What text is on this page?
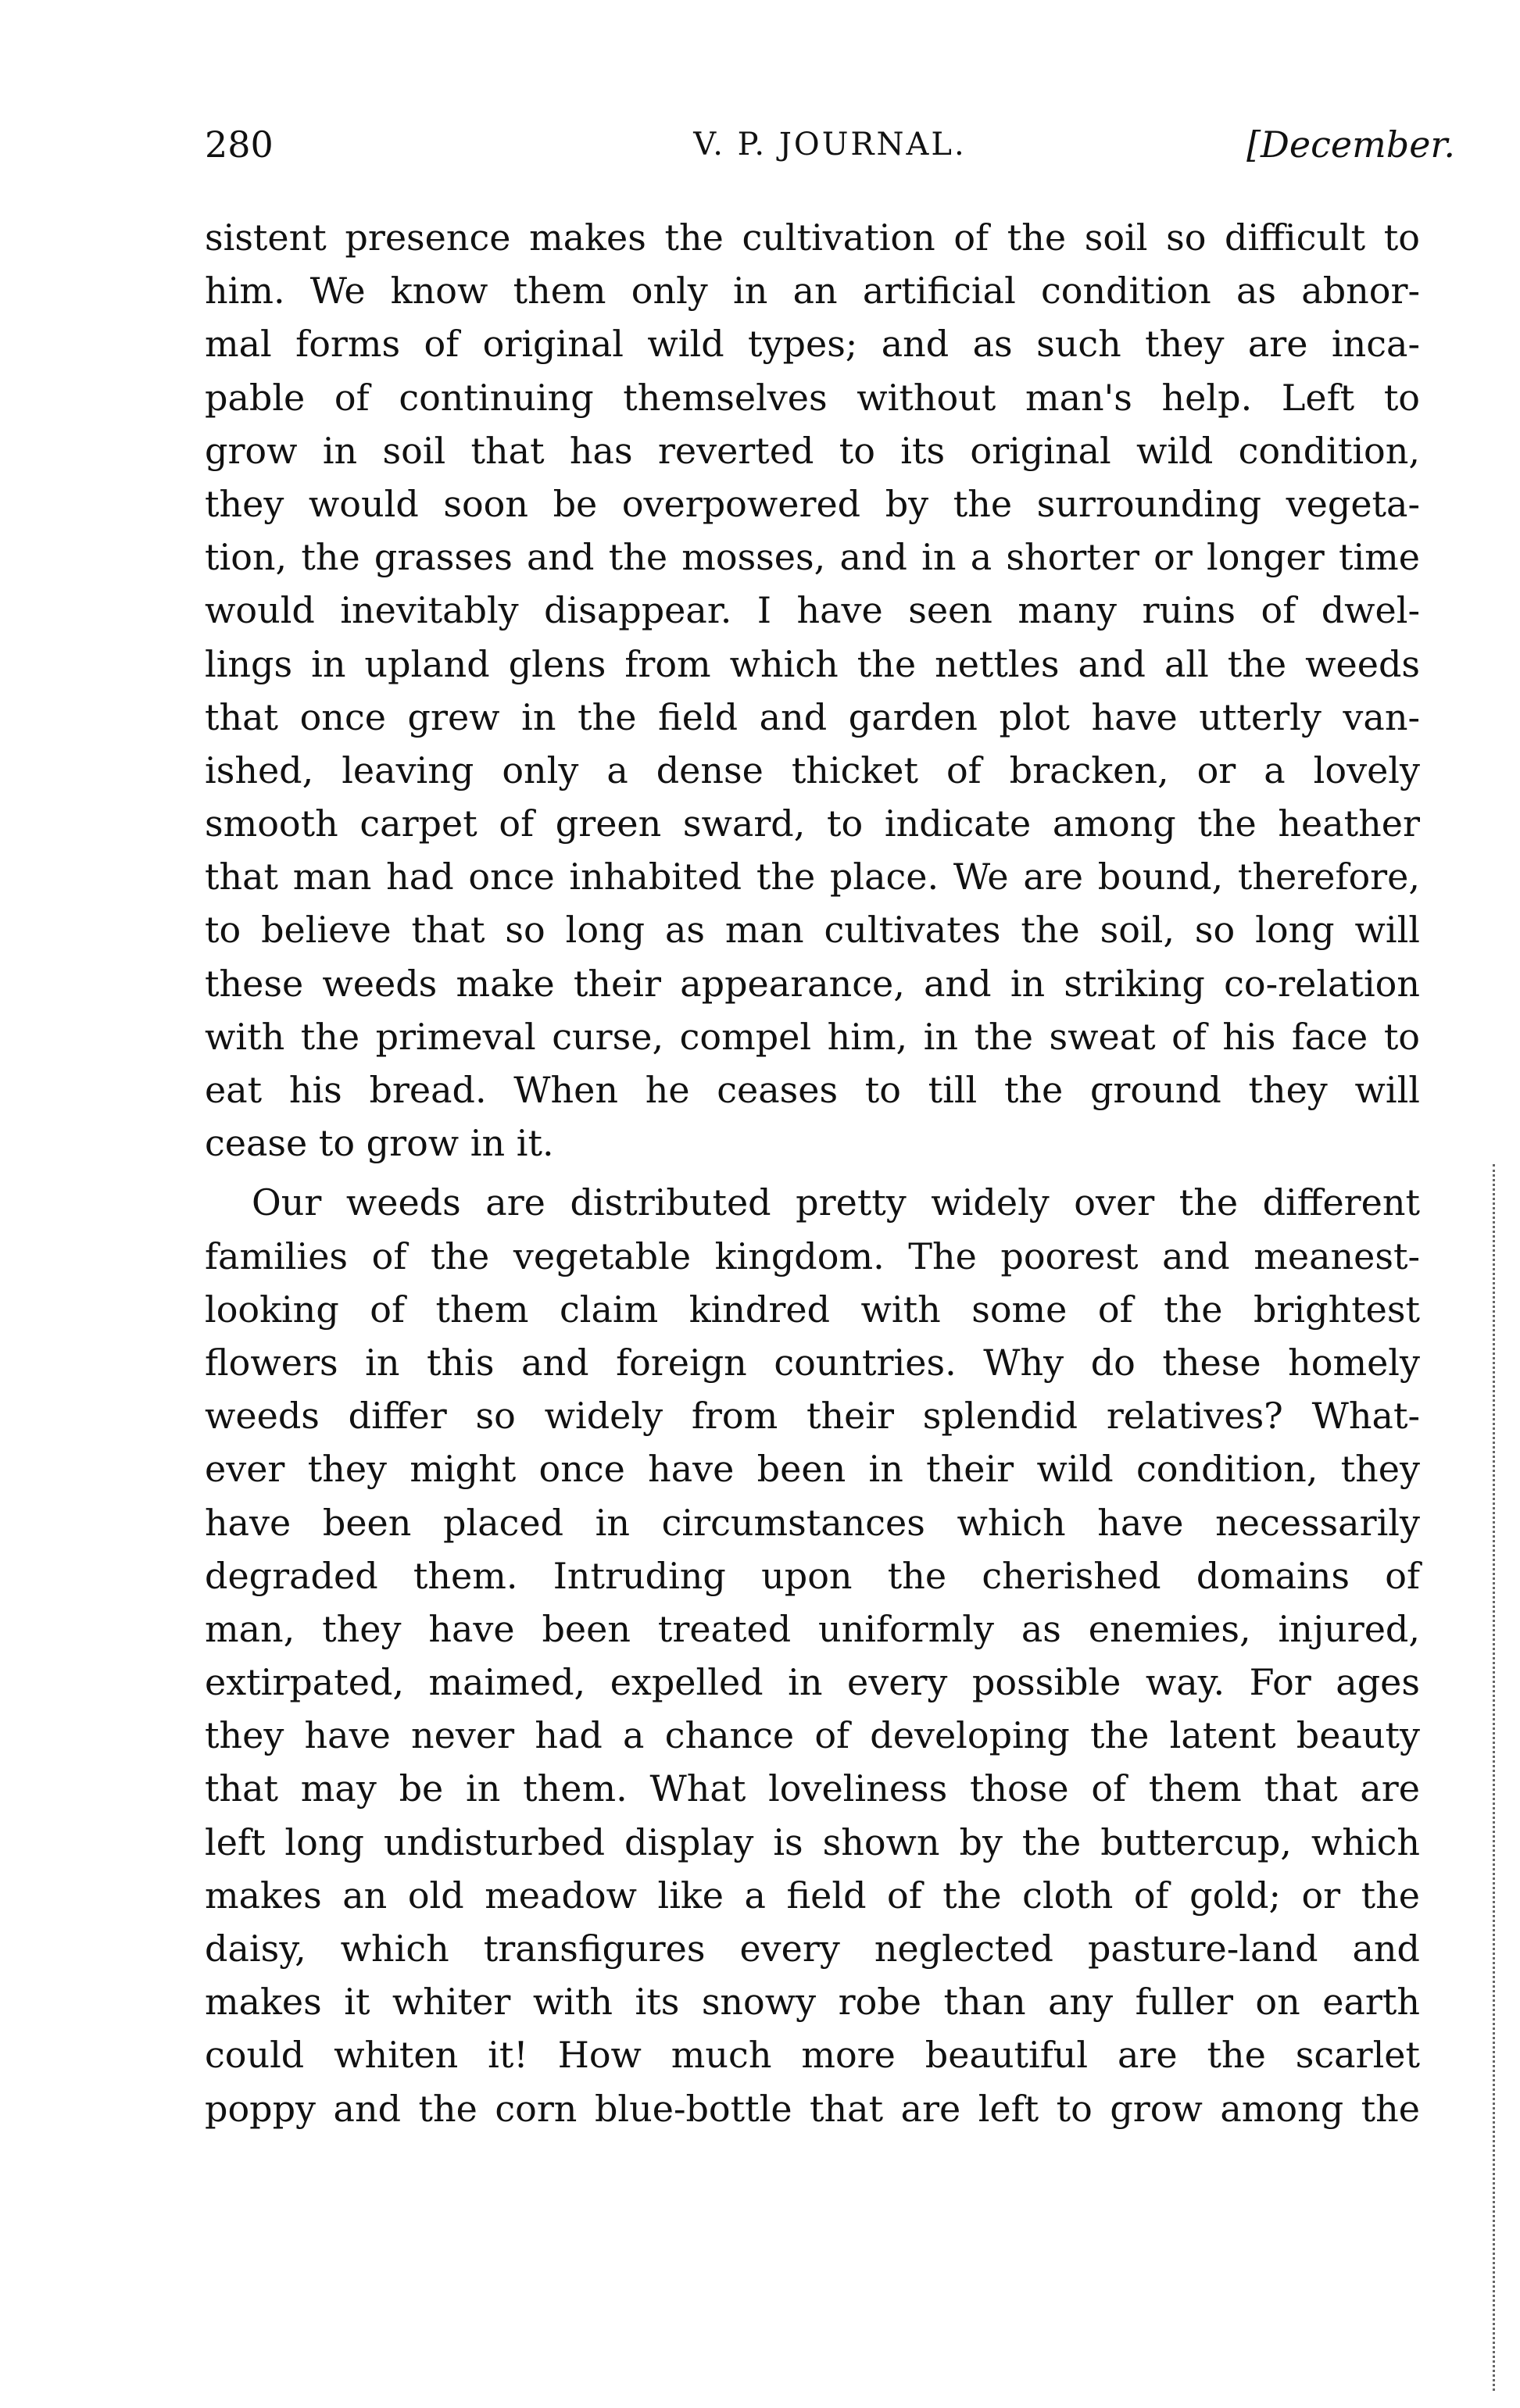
280	V. P. JOURNAL.	[December.
sistent presence makes the cultivation of the soil so difficult to
him. We know them only in an artificial condition as abnor-
mal forms of original wild types; and as such they are inca-
pable of continuing themselves without man's help. Left to
grow in soil that has reverted to its original wild condition,
they would soon be overpowered by the surrounding vegeta-
tion, the grasses and the mosses, and in a shorter or longer time
would inevitably disappear. I have seen many ruins of dwel-
lings in upland glens from which the nettles and all the weeds
that once grew in the field and garden plot have utterly van-
ished, leaving only a dense thicket of bracken, or a lovely
smooth carpet of green sward, to indicate among the heather
that man had once inhabited the place. We are bound, therefore,
to believe that so long as man cultivates the soil, so long will
these weeds make their appearance, and in striking co-relation
with the primeval curse, compel him, in the sweat of his face to
eat his bread. When he ceases to till the ground they will
cease to grow in it.
Our weeds are distributed pretty widely over the different
families of the vegetable kingdom. The poorest and meanest-
looking of them claim kindred with some of the brightest
flowers in this and foreign countries. Why do these homely
weeds differ so widely from their splendid relatives? What-
ever they might once have been in their wild condition, they
have been placed in circumstances which have necessarily
degraded them. Intruding upon the cherished domains of
man, they have been treated uniformly as enemies, injured,
extirpated, maimed, expelled in every possible way. For ages
they have never had a chance of developing the latent beauty
that may be in them. What loveliness those of them that are
left long undisturbed display is shown by the buttercup, which
makes an old meadow like a field of the cloth of gold; or the
daisy, which transfigures every neglected pasture-land and
makes it whiter with its snowy robe than any fuller on earth
could whiten it! How much more beautiful are the scarlet
poppy and the corn blue-bottle that are left to grow among the
